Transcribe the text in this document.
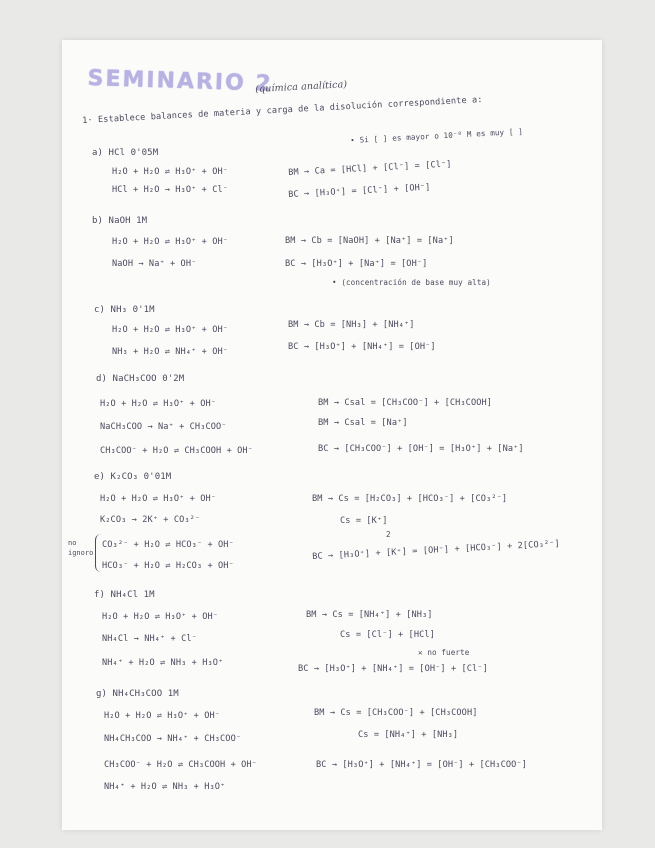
SEMINARIO 2
(química analítica)
1· Establece balances de materia y carga de la disolución correspondiente a:
• Si [ ] es mayor o 10⁻⁸ M es muy [ ]
a) HCl 0'05M
H₂O + H₂O ⇌ H₃O⁺ + OH⁻
HCl + H₂O → H₃O⁺ + Cl⁻
BM → Ca = [HCl] + [Cl⁻] = [Cl⁻]
BC → [H₃O⁺] = [Cl⁻] + [OH⁻]
b) NaOH 1M
H₂O + H₂O ⇌ H₃O⁺ + OH⁻
NaOH → Na⁺ + OH⁻
BM → Cb = [NaOH] + [Na⁺] = [Na⁺]
BC → [H₃O⁺] + [Na⁺] = [OH⁻]
• (concentración de base muy alta)
c) NH₃ 0'1M
H₂O + H₂O ⇌ H₃O⁺ + OH⁻
NH₃ + H₂O ⇌ NH₄⁺ + OH⁻
BM → Cb = [NH₃] + [NH₄⁺]
BC → [H₃O⁺] + [NH₄⁺] = [OH⁻]
d) NaCH₃COO 0'2M
H₂O + H₂O ⇌ H₃O⁺ + OH⁻
NaCH₃COO → Na⁺ + CH₃COO⁻
CH₃COO⁻ + H₂O ⇌ CH₃COOH + OH⁻
BM → Csal = [CH₃COO⁻] + [CH₃COOH]
BM → Csal = [Na⁺]
BC → [CH₃COO⁻] + [OH⁻] = [H₃O⁺] + [Na⁺]
e) K₂CO₃ 0'01M
H₂O + H₂O ⇌ H₃O⁺ + OH⁻
K₂CO₃ → 2K⁺ + CO₃²⁻
no
ignoro
CO₃²⁻ + H₂O ⇌ HCO₃⁻ + OH⁻
HCO₃⁻ + H₂O ⇌ H₂CO₃ + OH⁻
BM → Cs = [H₂CO₃] + [HCO₃⁻] + [CO₃²⁻]
Cs = [K⁺]
2
BC → [H₃O⁺] + [K⁺] = [OH⁻] + [HCO₃⁻] + 2[CO₃²⁻]
f) NH₄Cl 1M
H₂O + H₂O ⇌ H₃O⁺ + OH⁻
NH₄Cl → NH₄⁺ + Cl⁻
NH₄⁺ + H₂O ⇌ NH₃ + H₃O⁺
BM → Cs = [NH₄⁺] + [NH₃]
Cs = [Cl⁻] + [HCl]
✕ no fuerte
BC → [H₃O⁺] + [NH₄⁺] = [OH⁻] + [Cl⁻]
g) NH₄CH₃COO 1M
H₂O + H₂O ⇌ H₃O⁺ + OH⁻
NH₄CH₃COO → NH₄⁺ + CH₃COO⁻
CH₃COO⁻ + H₂O ⇌ CH₃COOH + OH⁻
NH₄⁺ + H₂O ⇌ NH₃ + H₃O⁺
BM → Cs = [CH₃COO⁻] + [CH₃COOH]
Cs = [NH₄⁺] + [NH₃]
BC → [H₃O⁺] + [NH₄⁺] = [OH⁻] + [CH₃COO⁻]
